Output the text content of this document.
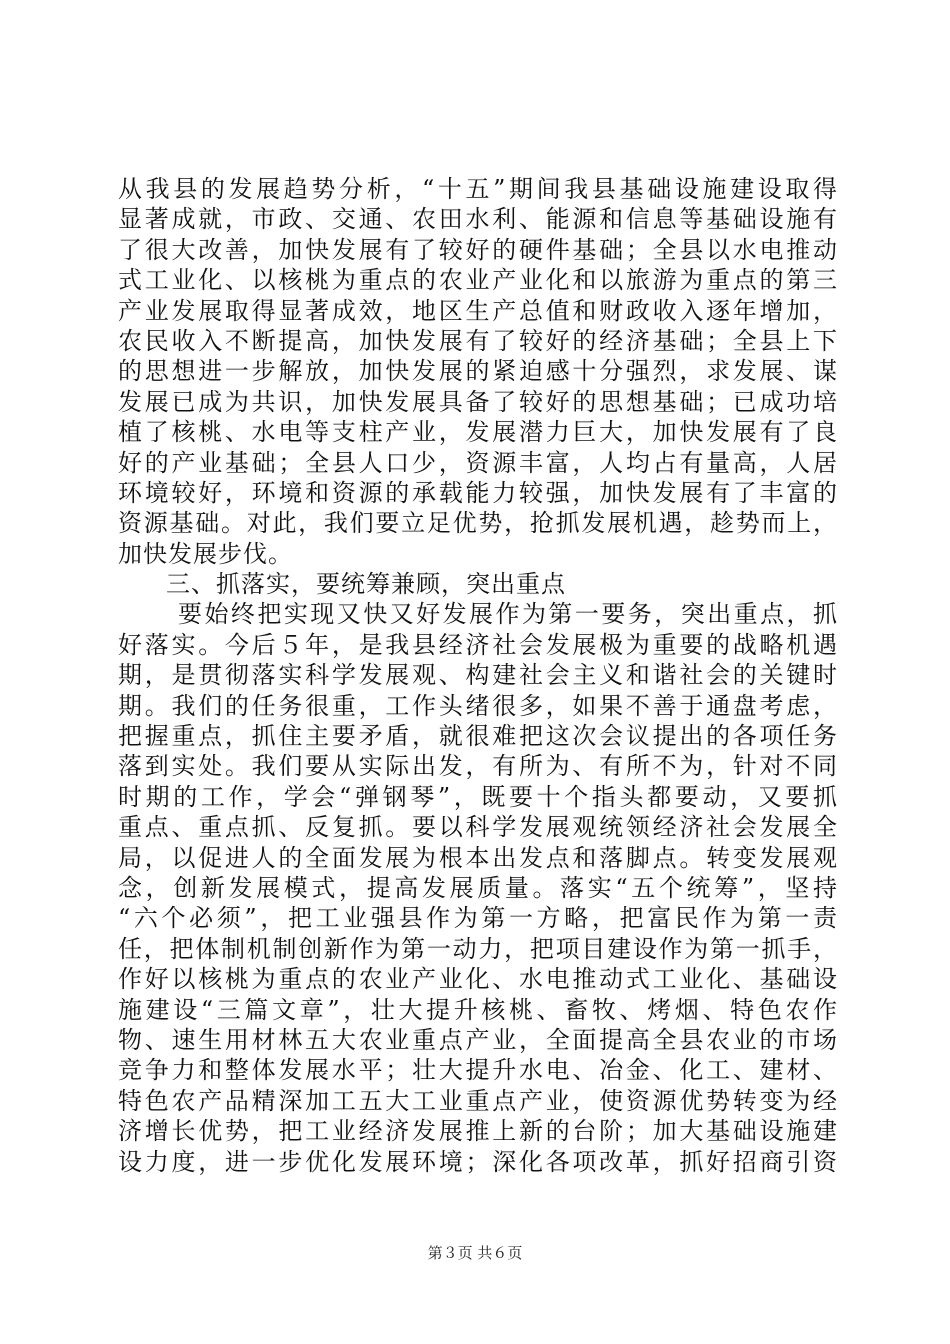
从我县的发展趋势分析，“十五”期间我县基础设施建设取得
显著成就，市政、交通、农田水利、能源和信息等基础设施有
了很大改善，加快发展有了较好的硬件基础；全县以水电推动
式工业化、以核桃为重点的农业产业化和以旅游为重点的第三
产业发展取得显著成效，地区生产总值和财政收入逐年增加，
农民收入不断提高，加快发展有了较好的经济基础；全县上下
的思想进一步解放，加快发展的紧迫感十分强烈，求发展、谋
发展已成为共识，加快发展具备了较好的思想基础；已成功培
植了核桃、水电等支柱产业，发展潜力巨大，加快发展有了良
好的产业基础；全县人口少，资源丰富，人均占有量高，人居
环境较好，环境和资源的承载能力较强，加快发展有了丰富的
资源基础。对此，我们要立足优势，抢抓发展机遇，趁势而上，
加快发展步伐。
三、抓落实，要统筹兼顾，突出重点
要始终把实现又快又好发展作为第一要务，突出重点，抓
好落实。今后５年，是我县经济社会发展极为重要的战略机遇
期，是贯彻落实科学发展观、构建社会主义和谐社会的关键时
期。我们的任务很重，工作头绪很多，如果不善于通盘考虑，
把握重点，抓住主要矛盾，就很难把这次会议提出的各项任务
落到实处。我们要从实际出发，有所为、有所不为，针对不同
时期的工作，学会“弹钢琴”，既要十个指头都要动，又要抓
重点、重点抓、反复抓。要以科学发展观统领经济社会发展全
局，以促进人的全面发展为根本出发点和落脚点。转变发展观
念，创新发展模式，提高发展质量。落实“五个统筹”，坚持
“六个必须”，把工业强县作为第一方略，把富民作为第一责
任，把体制机制创新作为第一动力，把项目建设作为第一抓手，
作好以核桃为重点的农业产业化、水电推动式工业化、基础设
施建设“三篇文章”，壮大提升核桃、畜牧、烤烟、特色农作
物、速生用材林五大农业重点产业，全面提高全县农业的市场
竞争力和整体发展水平；壮大提升水电、冶金、化工、建材、
特色农产品精深加工五大工业重点产业，使资源优势转变为经
济增长优势，把工业经济发展推上新的台阶；加大基础设施建
设力度，进一步优化发展环境；深化各项改革，抓好招商引资
第３页 共６页
